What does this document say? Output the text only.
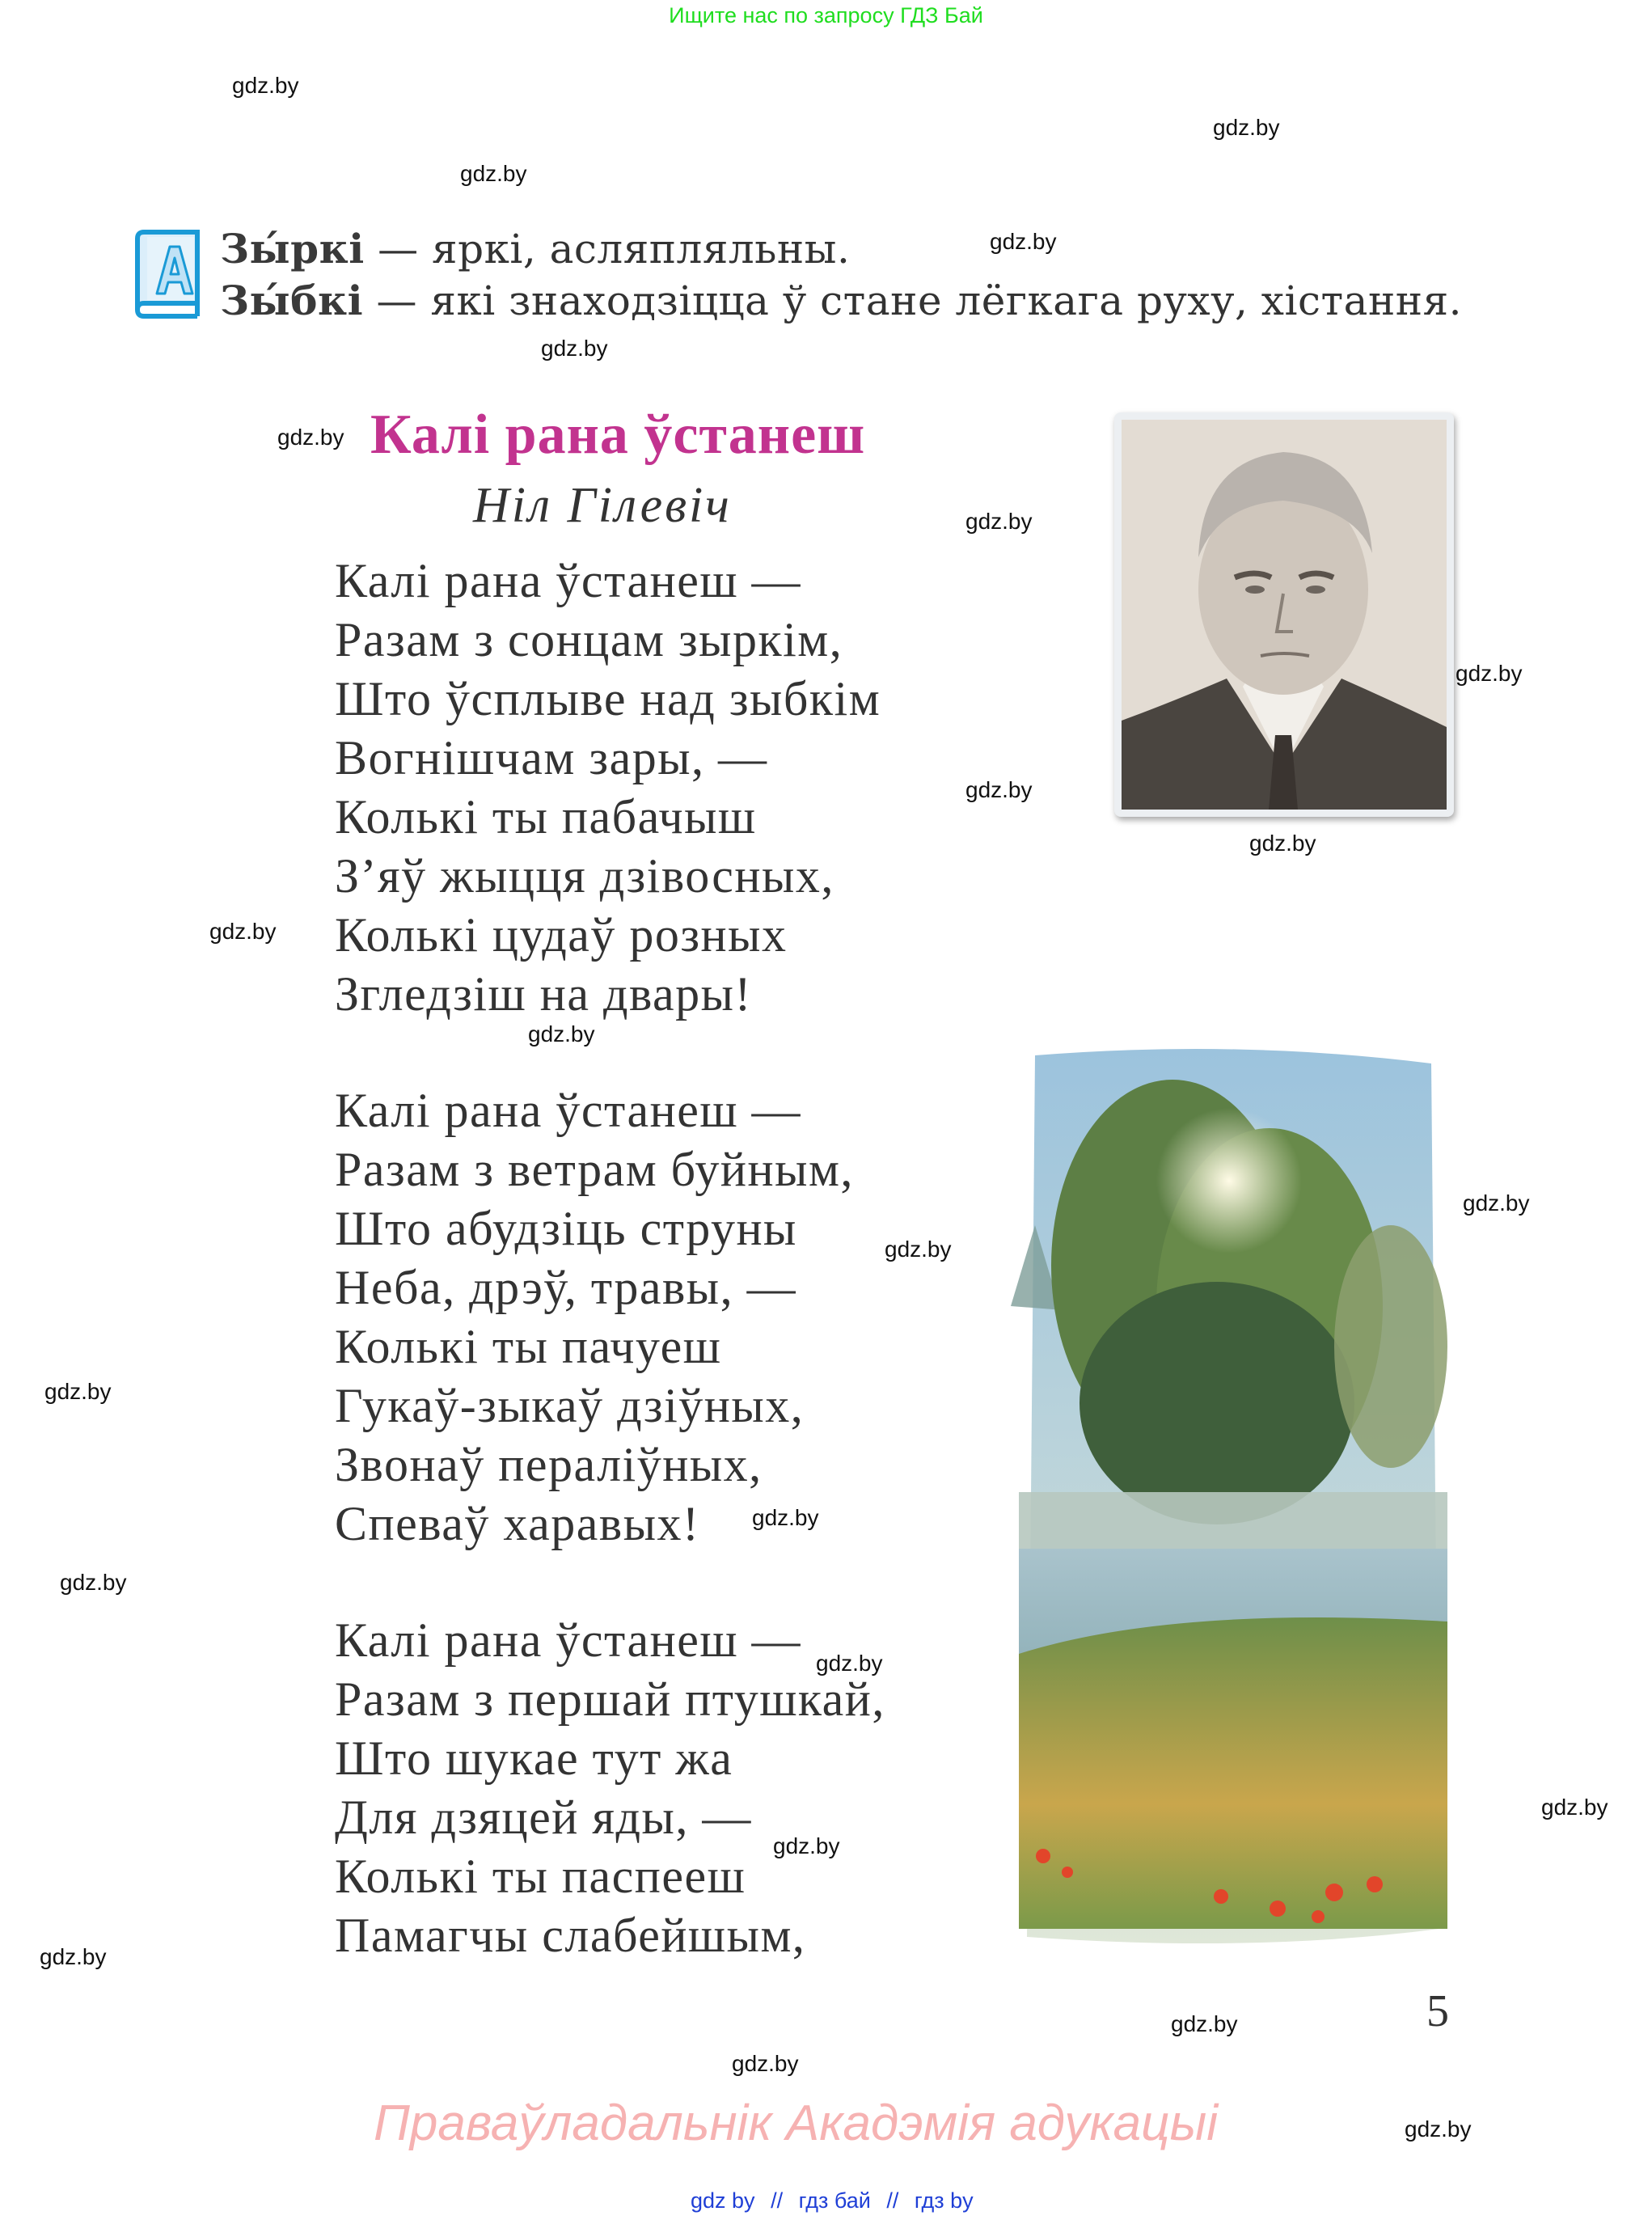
Ищите нас по запросу ГДЗ Бай
gdz.by
gdz.by
gdz.by
gdz.by
gdz.by
gdz.by
gdz.by
gdz.by
gdz.by
gdz.by
gdz.by
gdz.by
gdz.by
gdz.by
gdz.by
gdz.by
gdz.by
gdz.by
gdz.by
gdz.by
gdz.by
gdz.by
gdz.by
gdz.by
Зы́ркі — яркі, асляпляльны.
Зы́бкі — які знаходзіцца ў стане лёгкага руху, хістання.
Калі рана ўстанеш
Ніл Гілевіч
Калі рана ўстанеш —
Разам з сонцам зыркім,
Што ўсплыве над зыбкім
Вогнішчам зары, —
Колькі ты пабачыш
З’яў жыцця дзівосных,
Колькі цудаў розных
Згледзіш на двары!
Калі рана ўстанеш —
Разам з ветрам буйным,
Што абудзіць струны
Неба, дрэў, травы, —
Колькі ты пачуеш
Гукаў-зыкаў дзіўных,
Звонаў пераліўных,
Спеваў харавых!
Калі рана ўстанеш —
Разам з першай птушкай,
Што шукае тут жа
Для дзяцей яды, —
Колькі ты паспееш
Памагчы слабейшым,
5
Праваўладальнік Акадэмія адукацыі
gdz by // гдз бай // гдз by
